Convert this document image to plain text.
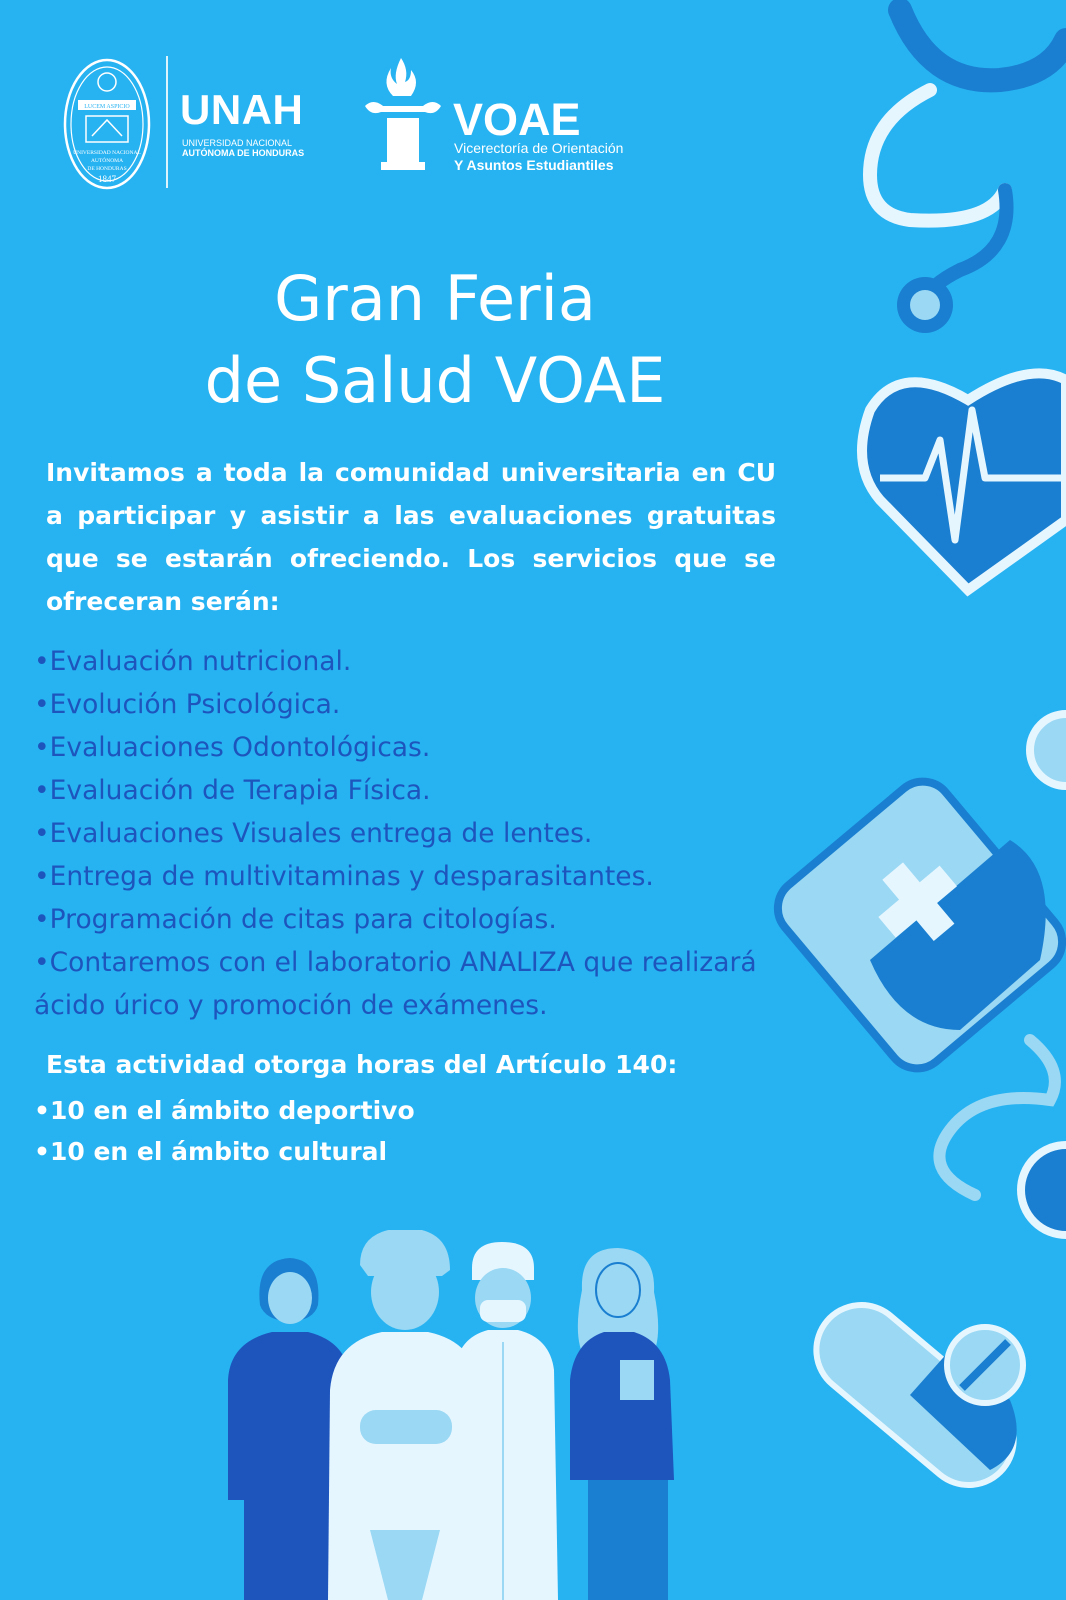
UNIVERSIDAD NACIONAL
AUTÓNOMA
DE HONDURAS
1847
LUCEM ASPICIO UNAH
UNIVERSIDAD NACIONAL
AUTÓNOMA DE HONDURAS
VOAE
Vicerectoría de Orientación
Y Asuntos Estudiantiles
Gran Feria
de Salud VOAE

Invitamos a toda la comunidad universitaria en CU a participar y asistir a las evaluaciones gratuitas que se estarán ofreciendo. Los servicios que se ofreceran serán:

• Evaluación nutricional.
• Evolución Psicológica.
• Evaluaciones Odontológicas.
• Evaluación de Terapia Física.
• Evaluaciones Visuales entrega de lentes.
• Entrega de multivitaminas y desparasitantes.
• Programación de citas para citologías.
• Contaremos con el laboratorio ANALIZA que realizará ácido úrico y promoción de exámenes.

Esta actividad otorga horas del Artículo 140:

• 10 en el ámbito deportivo
• 10 en el ámbito cultural
